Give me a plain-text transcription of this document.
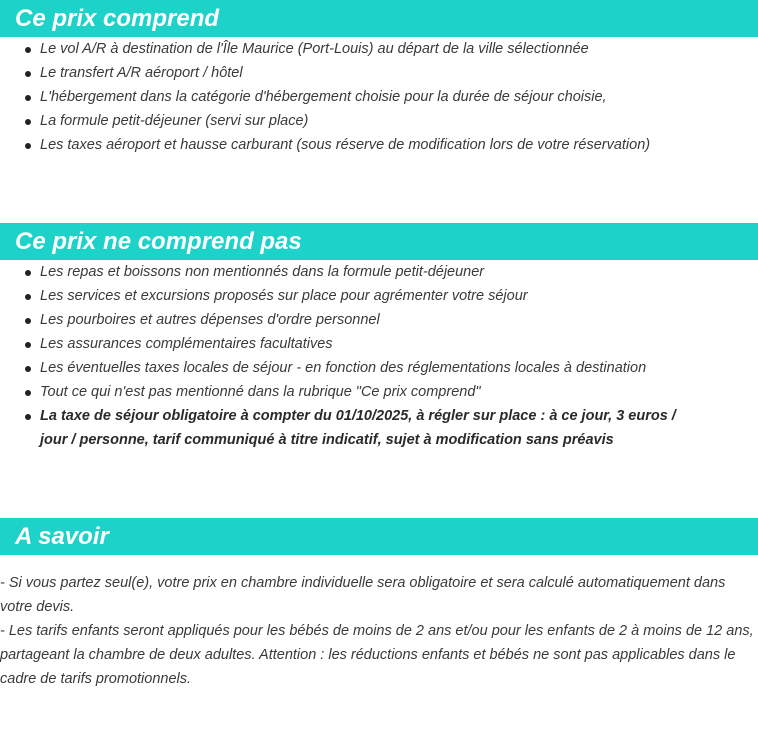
Ce prix comprend
Le vol A/R à destination de l'Île Maurice (Port-Louis) au départ de la ville sélectionnée
Le transfert A/R aéroport / hôtel
L'hébergement dans la catégorie d'hébergement choisie pour la durée de séjour choisie,
La formule petit-déjeuner (servi sur place)
Les taxes aéroport et hausse carburant (sous réserve de modification lors de votre réservation)
Ce prix ne comprend pas
Les repas et boissons non mentionnés dans la formule petit-déjeuner
Les services et excursions proposés sur place pour agrémenter votre séjour
Les pourboires et autres dépenses d'ordre personnel
Les assurances complémentaires facultatives
Les éventuelles taxes locales de séjour - en fonction des réglementations locales à destination
Tout ce qui n'est pas mentionné dans la rubrique "Ce prix comprend"
La taxe de séjour obligatoire à compter du 01/10/2025, à régler sur place : à ce jour, 3 euros / jour / personne, tarif communiqué à titre indicatif, sujet à modification sans préavis
A savoir

- Si vous partez seul(e), votre prix en chambre individuelle sera obligatoire et sera calculé automatiquement dans votre devis.

- Les tarifs enfants seront appliqués pour les bébés de moins de 2 ans et/ou pour les enfants de 2 à moins de 12 ans, partageant la chambre de deux adultes. Attention : les réductions enfants et bébés ne sont pas applicables dans le cadre de tarifs promotionnels.
